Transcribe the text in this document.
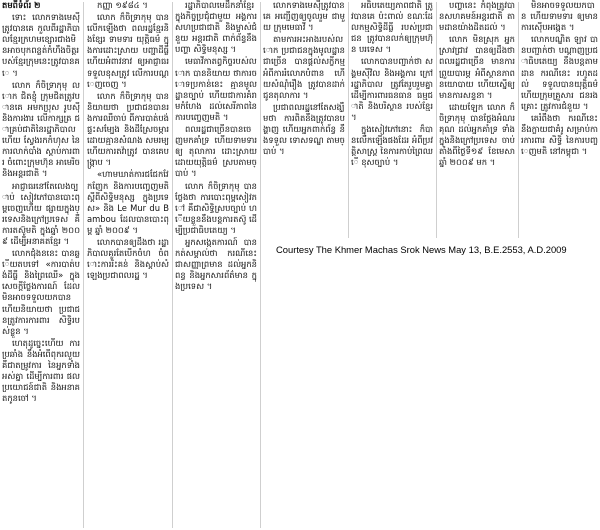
តមពីទំព័រ ២

ទោះ លោកទាងមេសុីត្រូវបានគេ កួលពីរដ្ឋាភិបាលខ្មែរក្រហមខ្សោរជាងមិនអាចបុកពន្លត់កំហឹងចិត្តរបស់ខ្មែរក្រុមនេះត្រូវបានគេ ។

លោក ក៏ចិទ្រាកុមុ លោក ជិតខ្ញុំ ក្រុមជិតត្រូវបានគេ អមកប្រុស រូបស៊ី និងការងារ លើកាក្សត្រ ជាគ្រប់ជាតិនៃរដ្ឋាភិបាល ហើយ ស្វែងរកកំហុស នៃការលាក់បាំង ស្ដាប់ការពារ ចំពោះក្រុមហ៊ុន អាមេរិច និងអន្តរជាតិ ។

អាជ្ញាធរនៅតែលេងច្បាប់ សៀវភៅបានបោះពុម្ពចេញហើយ ផ្សាយក្នុងប្រទេសនិងក្រៅប្រទេស គឺ ការតស៊ូមតិ ក្នុងឆ្នាំ ២០០៩ ដើម្បីអនាគតខ្មែរ ។

លោកជុំងននេះ បានឆ្លើយតបទៅ «ការបាត់បង់ដីធ្លី និងព្រៃឈើ» ក្នុងសេចក្ដីថ្លែងការណ៍ ដែលមិនអាចទទួលយកបាន ហើយនិយាយថា ប្រជាជនត្រូវការការពារ សិទ្ធិរបស់ខ្លួន ។

ហេតុដូច្នេះហើយ ការប្រឆាំង នឹងអំពើពុករលួយ គឺជាតម្រូវការ នៃអ្នកទាំងអស់គ្នា ដើម្បីការពារ ផលប្រយោជន៍ជាតិ និងអនាគតកូនចៅ ។

កញ្ញា ១៩៨៤ ។

លោក ក៏ចិទ្រាកុមុ បានលើកឡើងថា ពលរដ្ឋខ្មែរនិងខ្សែរ ទាមទារ យុត្តិធម៌ ក្នុងការដោះស្រាយ បញ្ហាដីធ្លី ហើយអំពាវនាវ ឲ្យអាជ្ញាធរ ទទួលខុសត្រូវ លើការបណ្ដេញចេញ ។

លោក ក៏ចិទ្រាកុមុ បាននិយាយថា ប្រជាជនបានរងការឈឺចាប់ ពីការបាត់បង់ផ្ទះសម្បែង និងដីស្រែចម្ការ ដោយគ្មានសំណង សមរម្យ ហើយការតវ៉ាត្រូវ បានគេបង្ក្រាប ។

«ហាមឃាត់ការជជែកវែកញែក និងការបញ្ចេញមតិ ស្ដីពីសិទ្ធិមនុស្ស ក្នុងប្រទេស» និង Le Mur du Bambou ដែលបានបោះពុម្ព ឆ្នាំ ២០០៩ ។

លោកបានឲ្យដឹងថា រដ្ឋាភិបាលគួរតែបើកចំហ ចំពោះការរិះគន់ និងស្ដាប់សំឡេងប្រជាពលរដ្ឋ ។

រដ្ឋាភិបាលមេដឹកនាំខ្មែរ ក្នុងកិច្ចប្រជុំជាមួយ អង្គការ សហប្រជាជាតិ និងម្ចាស់ជំនួយ អន្តរជាតិ ពាក់ព័ន្ធនឹងបញ្ហា សិទ្ធិមនុស្ស ។

មេធាវីកាតព្វកិច្ចរបស់លោក បាននិយាយ ថាការចោទប្រកាន់នេះ គ្មានមូលដ្ឋានច្បាប់ ហើយជាការគំរាមកំហែង ដល់សេរីភាពនៃការបញ្ចេញមតិ ។

ពលរដ្ឋជាច្រើនបានចេញមកគាំទ្រ ហើយទាមទារឲ្យ តុលាការ ដោះស្រាយ ដោយយុត្តិធម៌ ស្របតាមច្បាប់ ។

លោក ក៏ចិទ្រាកុមុ បាន ថ្លែងថា ការបោះពុម្ពសៀវភៅ គឺជាសិទ្ធិស្របច្បាប់ ហើយខ្លួននឹងបន្តការតស៊ូ ដើម្បីប្រជាធិបតេយ្យ ។

អ្នកសង្កេតការណ៍ បានកត់សម្គាល់ថា ករណីនេះ ជាសញ្ញាព្រមាន ដល់អ្នកនិពន្ធ និងអ្នកសារព័ត៌មាន ក្នុងប្រទេស ។

លោកទាងមេសុីត្រូវបានគេ អញ្ជើញឲ្យចូលរួម ជាមួយ ក្រុមមេធាវី ។

តាមការអះអាងរបស់លោក ប្រជាជនក្នុងមូលដ្ឋាន ជាច្រើន បានផ្ដល់សក្ខីកម្ម អំពីការរំលោភបំពាន ហើយសំណុំរឿង ត្រូវបានដាក់ជូនតុលាការ ។

ប្រជាពលរដ្ឋនៅតែសង្ឃឹមថា ការពិតនឹងត្រូវបានបង្ហាញ ហើយអ្នកពាក់ព័ន្ធ នឹងទទួល ទោសទណ្ឌ តាមច្បាប់ ។

អធិបតេយ្យភាពជាតិ ត្រូវបានគេ ប៉ះពាល់ ខណៈដែលកម្មសិទ្ធិដីធ្លី របស់ប្រជាជន ត្រូវបានលក់ឲ្យក្រុមហ៊ុន បរទេស ។

លោកបានបញ្ជាក់ថា សង្គមស៊ីវិល និងអង្គការ ក្រៅរដ្ឋាភិបាល ត្រូវតែរួបរួមគ្នា ដើម្បីការពារធនធាន ធម្មជាតិ និងបរិស្ថាន របស់ខ្មែរ ។

ក្នុងសៀវភៅនោះ ក៏បានលើកឡើងផងដែរ អំពីប្រវត្តិសាស្ត្រ នៃការកាប់ព្រៃឈើ ខុសច្បាប់ ។

បញ្ហានេះ កំពុងត្រូវបានសហគមន៍អន្តរជាតិ តាមដានយ៉ាងដិតដល់ ។

លោក មិនស្រុក អ្នកស្រាវជ្រាវ បានឲ្យដឹងថា ពលរដ្ឋជាច្រើន មានការព្រួយបារម្ភ អំពីស្ថានភាព នយោបាយ ហើយស្នើឲ្យមានការសន្ទនា ។

ដោយឡែក លោក ក៏ចិទ្រាកុមុ បានថ្លែងអំណរគុណ ដល់អ្នកគាំទ្រ ទាំងក្នុងនិងក្រៅប្រទេស ចាប់តាំងពីថ្ងៃទី១៩ ខែមេសា ឆ្នាំ ២០០៩ មក ។

មិនអាចទទួលយកបាន ហើយទាមទារ ឲ្យមាន ការស៊ើបអង្កេត ។

លោកបណ្ឌិត ឡាវ បានបញ្ជាក់ថា បណ្ដាញប្រជាធិបតេយ្យ នឹងបន្តតាមដាន ករណីនេះ រហូតដល់ ទទួលបានយុត្តិធម៌ ហើយក្រុមគ្រួសារ ជនរងគ្រោះ ត្រូវការជំនួយ ។

គេរំពឹងថា ករណីនេះ នឹងក្លាយជាគំរូ សម្រាប់ការការពារ សិទ្ធិ នៃការបញ្ចេញមតិ នៅកម្ពុជា ។

Courtesy The Khmer Machas Srok News May 13, B.E.2553, A.D.2009
